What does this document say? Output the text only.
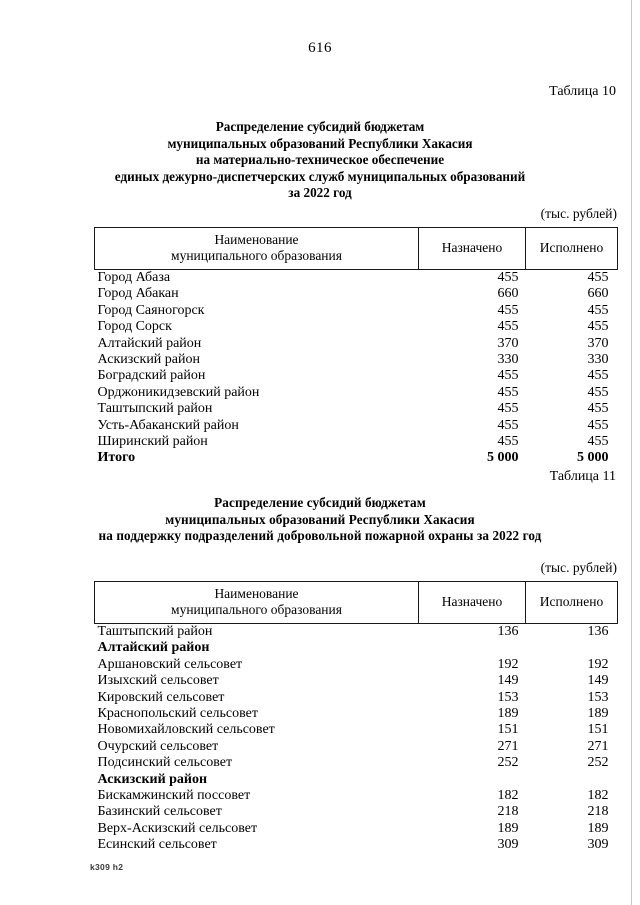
616
Таблица 10
Распределение субсидий бюджетам
муниципальных образований Республики Хакасия
на материально-техническое обеспечение
единых дежурно-диспетчерских служб муниципальных образований
за 2022 год
(тыс. рублей)
Наименование
муниципального образования	Назначено	Исполнено
Город Абаза	455	455
Город Абакан	660	660
Город Саяногорск	455	455
Город Сорск	455	455
Алтайский район	370	370
Аскизский район	330	330
Боградский район	455	455
Орджоникидзевский район	455	455
Таштыпский район	455	455
Усть-Абаканский район	455	455
Ширинский район	455	455
Итого	5 000	5 000
Таблица 11
Распределение субсидий бюджетам
муниципальных образований Республики Хакасия
на поддержку подразделений добровольной пожарной охраны за 2022 год
(тыс. рублей)
Наименование
муниципального образования	Назначено	Исполнено
Таштыпский район	136	136
Алтайский район		
Аршановский сельсовет	192	192
Изыхский сельсовет	149	149
Кировский сельсовет	153	153
Краснопольский сельсовет	189	189
Новомихайловский сельсовет	151	151
Очурский сельсовет	271	271
Подсинский сельсовет	252	252
Аскизский район		
Бискамжинский поссовет	182	182
Базинский сельсовет	218	218
Верх-Аскизский сельсовет	189	189
Есинский сельсовет	309	309
k309 h2
